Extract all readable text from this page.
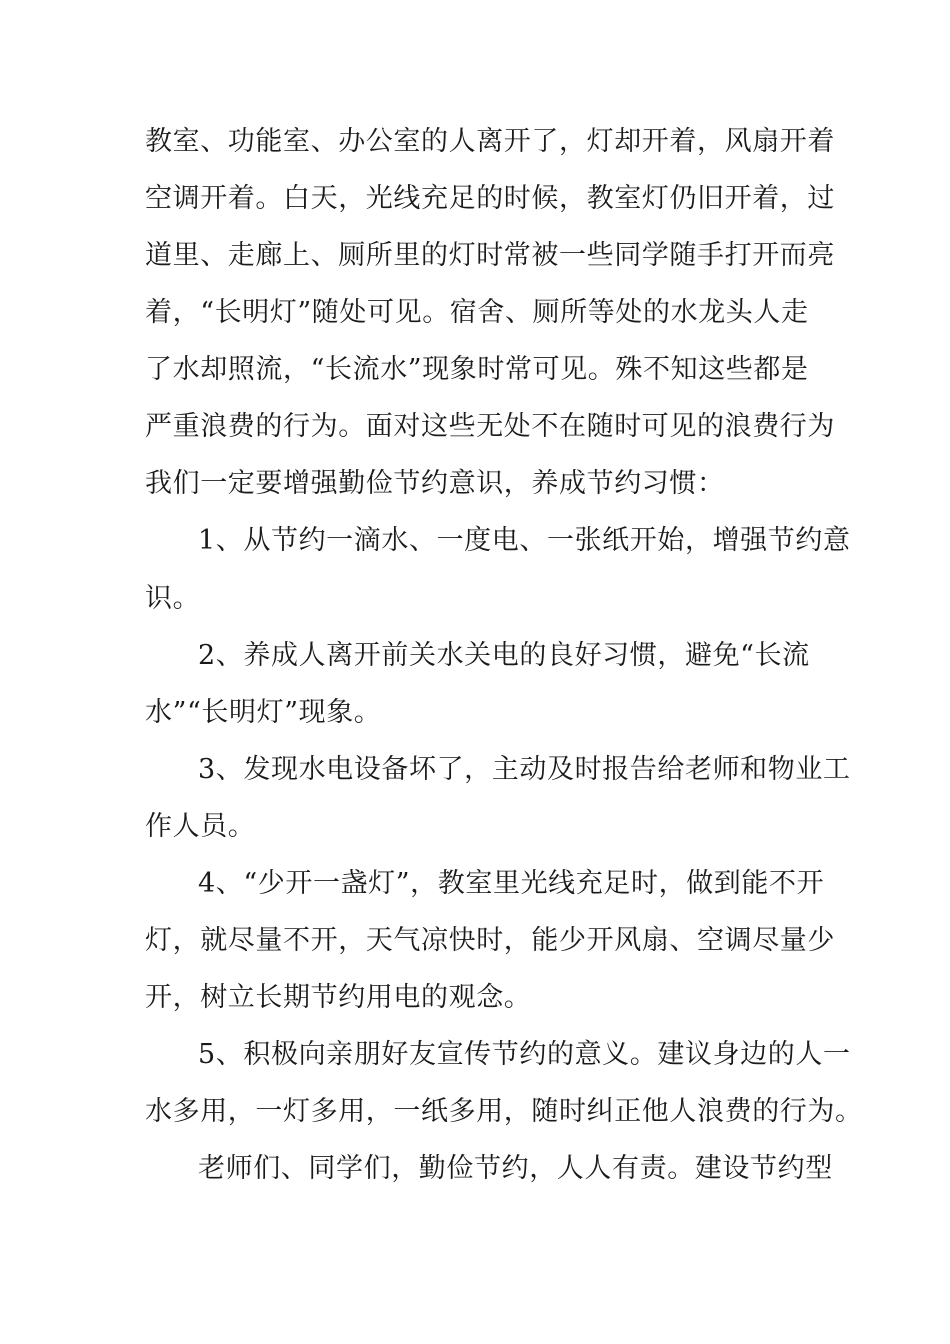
教室、功能室、办公室的人离开了，灯却开着，风扇开着
空调开着。白天，光线充足的时候，教室灯仍旧开着，过
道里、走廊上、厕所里的灯时常被一些同学随手打开而亮
着，“长明灯”随处可见。宿舍、厕所等处的水龙头人走
了水却照流，“长流水”现象时常可见。殊不知这些都是
严重浪费的行为。面对这些无处不在随时可见的浪费行为
我们一定要增强勤俭节约意识，养成节约习惯：
1、从节约一滴水、一度电、一张纸开始，增强节约意
识。
2、养成人离开前关水关电的良好习惯，避免“长流
水”“长明灯”现象。
3、发现水电设备坏了，主动及时报告给老师和物业工
作人员。
4、“少开一盏灯”，教室里光线充足时，做到能不开
灯，就尽量不开，天气凉快时，能少开风扇、空调尽量少
开，树立长期节约用电的观念。
5、积极向亲朋好友宣传节约的意义。建议身边的人一
水多用，一灯多用，一纸多用，随时纠正他人浪费的行为。
老师们、同学们，勤俭节约，人人有责。建设节约型
